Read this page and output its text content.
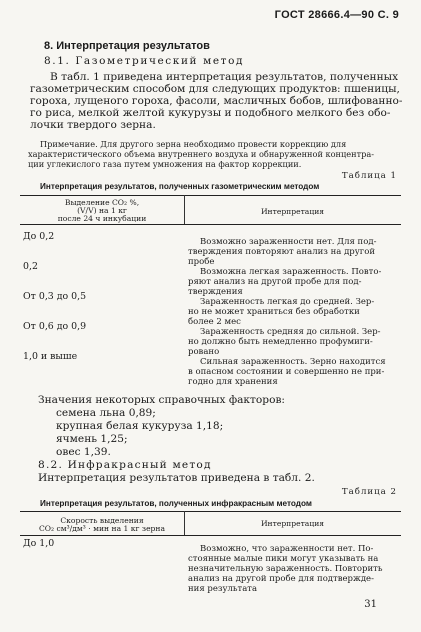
ГОСТ 28666.4—90 С. 9
8. Интерпретация результатов
8.1. Газометрический метод
В табл. 1 приведена интерпретация результатов, полученных
газометрическим способом для следующих продуктов: пшеницы,
гороха, лущеного гороха, фасоли, масличных бобов, шлифованно-
го риса, мелкой желтой кукурузы и подобного мелкого без обо-
лочки твердого зерна.
Примечание. Для другого зерна необходимо провести коррекцию для
характеристического объема внутреннего воздуха и обнаруженной концентра-
ции углекислого газа путем умножения на фактор коррекции.
Таблица 1
Интерпретация результатов, полученных газометрическим методом
Выделение CO₂ %,
(V/V) на 1 кг
после 24 ч инкубации
Интерпретация
До 0,2	Возможно зараженности нет. Для под-
тверждения повторяют анализ на другой
пробе
0,2	Возможна легкая зараженность. Повто-
ряют анализ на другой пробе для под-
тверждения
От 0,3 до 0,5	Зараженность легкая до средней. Зер-
но не может храниться без обработки
более 2 мес
От 0,6 до 0,9	Зараженность средняя до сильной. Зер-
но должно быть немедленно профумиги-
ровано
1,0 и выше	Сильная зараженность. Зерно находится
в опасном состоянии и совершенно не при-
годно для хранения
Значения некоторых справочных факторов:
семена льна 0,89;
крупная белая кукуруза 1,18;
ячмень 1,25;
овес 1,39.
8.2. Инфракрасный метод
Интерпретация результатов приведена в табл. 2.
Таблица 2
Интерпретация результатов, полученных инфракрасным методом
Скорость выделения
CO₂ см³/дм³ · мин на 1 кг зерна
Интерпретация
До 1,0	Возможно, что зараженности нет. По-
стоянные малые пики могут указывать на
незначительную зараженность. Повторить
анализ на другой пробе для подтвержде-
ния результата
31
